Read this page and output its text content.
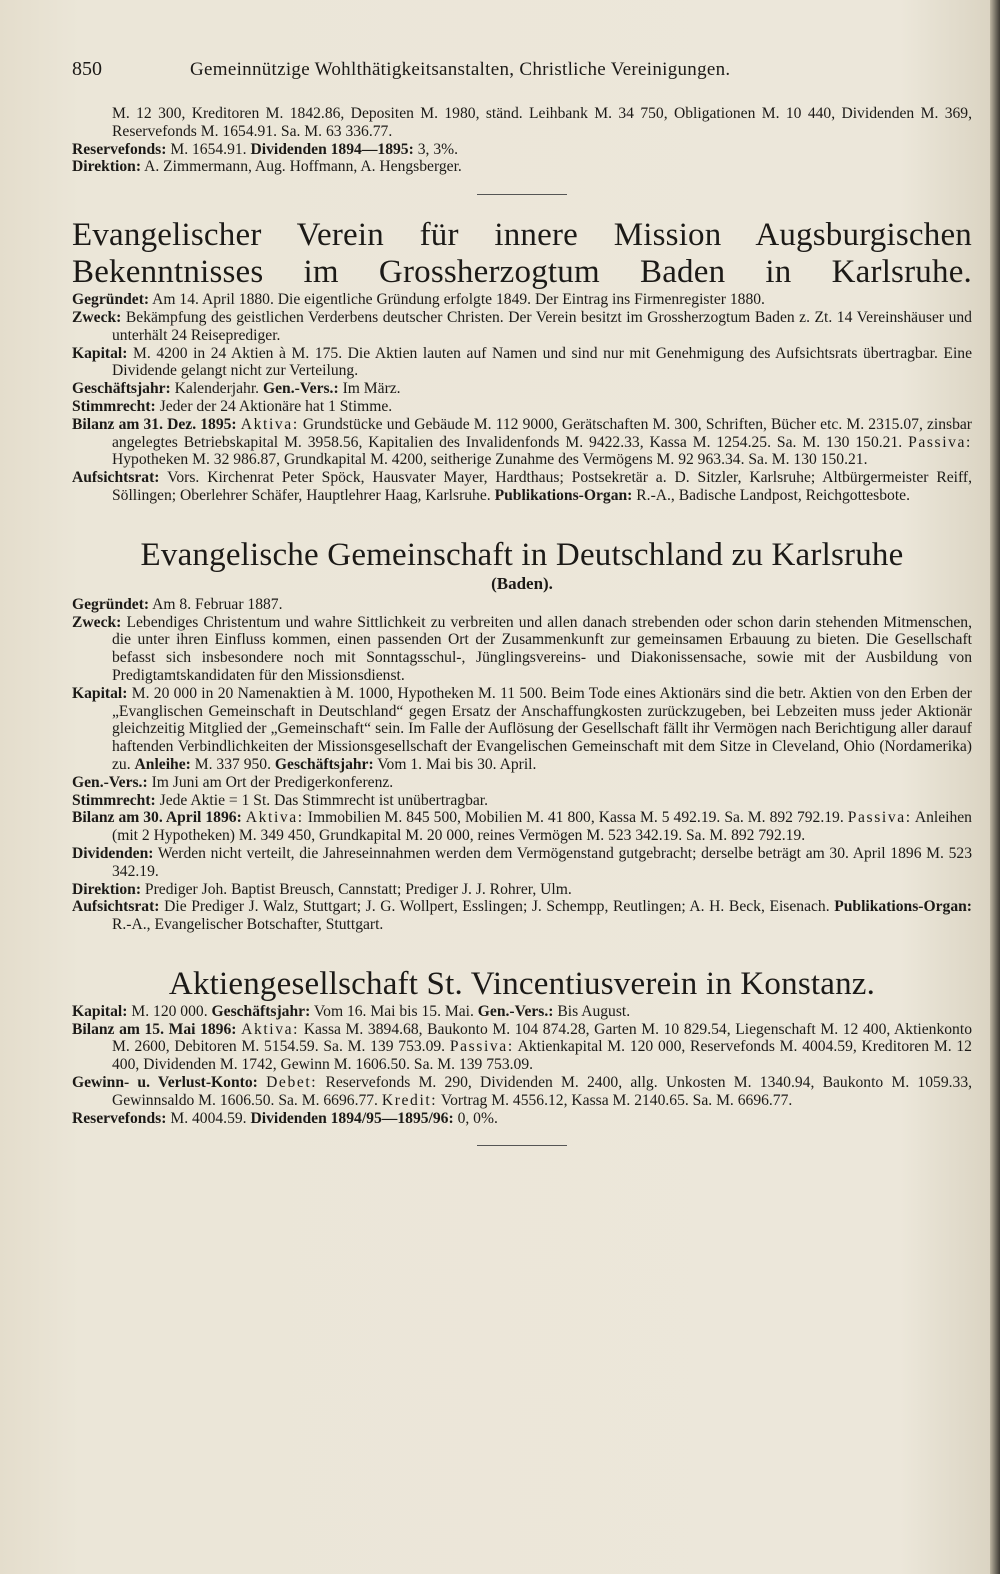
850	Gemeinnützige Wohlthätigkeitsanstalten, Christliche Vereinigungen.

M. 12 300, Kreditoren M. 1842.86, Depositen M. 1980, ständ. Leihbank M. 34 750, Obligationen M. 10 440, Dividenden M. 369, Reservefonds M. 1654.91. Sa. M. 63 336.77.

Reservefonds: M. 1654.91. Dividenden 1894—1895: 3, 3%.

Direktion: A. Zimmermann, Aug. Hoffmann, A. Hengsberger.

Evangelischer Verein für innere Mission Augsburgischen Bekenntnisses im Grossherzogtum Baden in Karlsruhe.

Gegründet: Am 14. April 1880. Die eigentliche Gründung erfolgte 1849. Der Eintrag ins Firmenregister 1880.

Zweck: Bekämpfung des geistlichen Verderbens deutscher Christen. Der Verein besitzt im Grossherzogtum Baden z. Zt. 14 Vereinshäuser und unterhält 24 Reiseprediger.

Kapital: M. 4200 in 24 Aktien à M. 175. Die Aktien lauten auf Namen und sind nur mit Genehmigung des Aufsichtsrats übertragbar. Eine Dividende gelangt nicht zur Verteilung.

Geschäftsjahr: Kalenderjahr. Gen.-Vers.: Im März.

Stimmrecht: Jeder der 24 Aktionäre hat 1 Stimme.

Bilanz am 31. Dez. 1895: Aktiva: Grundstücke und Gebäude M. 112 9000, Gerätschaften M. 300, Schriften, Bücher etc. M. 2315.07, zinsbar angelegtes Betriebskapital M. 3958.56, Kapitalien des Invalidenfonds M. 9422.33, Kassa M. 1254.25. Sa. M. 130 150.21. Passiva: Hypotheken M. 32 986.87, Grundkapital M. 4200, seitherige Zunahme des Vermögens M. 92 963.34. Sa. M. 130 150.21.

Aufsichtsrat: Vors. Kirchenrat Peter Spöck, Hausvater Mayer, Hardthaus; Postsekretär a. D. Sitzler, Karlsruhe; Altbürgermeister Reiff, Söllingen; Oberlehrer Schäfer, Hauptlehrer Haag, Karlsruhe. Publikations-Organ: R.-A., Badische Landpost, Reichgottesbote.

Evangelische Gemeinschaft in Deutschland zu Karlsruhe

(Baden).

Gegründet: Am 8. Februar 1887.

Zweck: Lebendiges Christentum und wahre Sittlichkeit zu verbreiten und allen danach strebenden oder schon darin stehenden Mitmenschen, die unter ihren Einfluss kommen, einen passenden Ort der Zusammenkunft zur gemeinsamen Erbauung zu bieten. Die Gesellschaft befasst sich insbesondere noch mit Sonntagsschul-, Jünglingsvereins- und Diakonissensache, sowie mit der Ausbildung von Predigtamtskandidaten für den Missionsdienst.

Kapital: M. 20 000 in 20 Namenaktien à M. 1000, Hypotheken M. 11 500. Beim Tode eines Aktionärs sind die betr. Aktien von den Erben der „Evanglischen Gemeinschaft in Deutschland“ gegen Ersatz der Anschaffungkosten zurückzugeben, bei Lebzeiten muss jeder Aktionär gleichzeitig Mitglied der „Gemeinschaft“ sein. Im Falle der Auflösung der Gesellschaft fällt ihr Vermögen nach Berichtigung aller darauf haftenden Verbindlichkeiten der Missionsgesellschaft der Evangelischen Gemeinschaft mit dem Sitze in Cleveland, Ohio (Nordamerika) zu. Anleihe: M. 337 950. Geschäftsjahr: Vom 1. Mai bis 30. April.

Gen.-Vers.: Im Juni am Ort der Predigerkonferenz.

Stimmrecht: Jede Aktie = 1 St. Das Stimmrecht ist unübertragbar.

Bilanz am 30. April 1896: Aktiva: Immobilien M. 845 500, Mobilien M. 41 800, Kassa M. 5 492.19. Sa. M. 892 792.19. Passiva: Anleihen (mit 2 Hypotheken) M. 349 450, Grundkapital M. 20 000, reines Vermögen M. 523 342.19. Sa. M. 892 792.19.

Dividenden: Werden nicht verteilt, die Jahreseinnahmen werden dem Vermögenstand gutgebracht; derselbe beträgt am 30. April 1896 M. 523 342.19.

Direktion: Prediger Joh. Baptist Breusch, Cannstatt; Prediger J. J. Rohrer, Ulm.

Aufsichtsrat: Die Prediger J. Walz, Stuttgart; J. G. Wollpert, Esslingen; J. Schempp, Reutlingen; A. H. Beck, Eisenach. Publikations-Organ: R.-A., Evangelischer Botschafter, Stuttgart.

Aktiengesellschaft St. Vincentiusverein in Konstanz.

Kapital: M. 120 000. Geschäftsjahr: Vom 16. Mai bis 15. Mai. Gen.-Vers.: Bis August.

Bilanz am 15. Mai 1896: Aktiva: Kassa M. 3894.68, Baukonto M. 104 874.28, Garten M. 10 829.54, Liegenschaft M. 12 400, Aktienkonto M. 2600, Debitoren M. 5154.59. Sa. M. 139 753.09. Passiva: Aktienkapital M. 120 000, Reservefonds M. 4004.59, Kreditoren M. 12 400, Dividenden M. 1742, Gewinn M. 1606.50. Sa. M. 139 753.09.

Gewinn- u. Verlust-Konto: Debet: Reservefonds M. 290, Dividenden M. 2400, allg. Unkosten M. 1340.94, Baukonto M. 1059.33, Gewinnsaldo M. 1606.50. Sa. M. 6696.77. Kredit: Vortrag M. 4556.12, Kassa M. 2140.65. Sa. M. 6696.77.

Reservefonds: M. 4004.59. Dividenden 1894/95—1895/96: 0, 0%.
